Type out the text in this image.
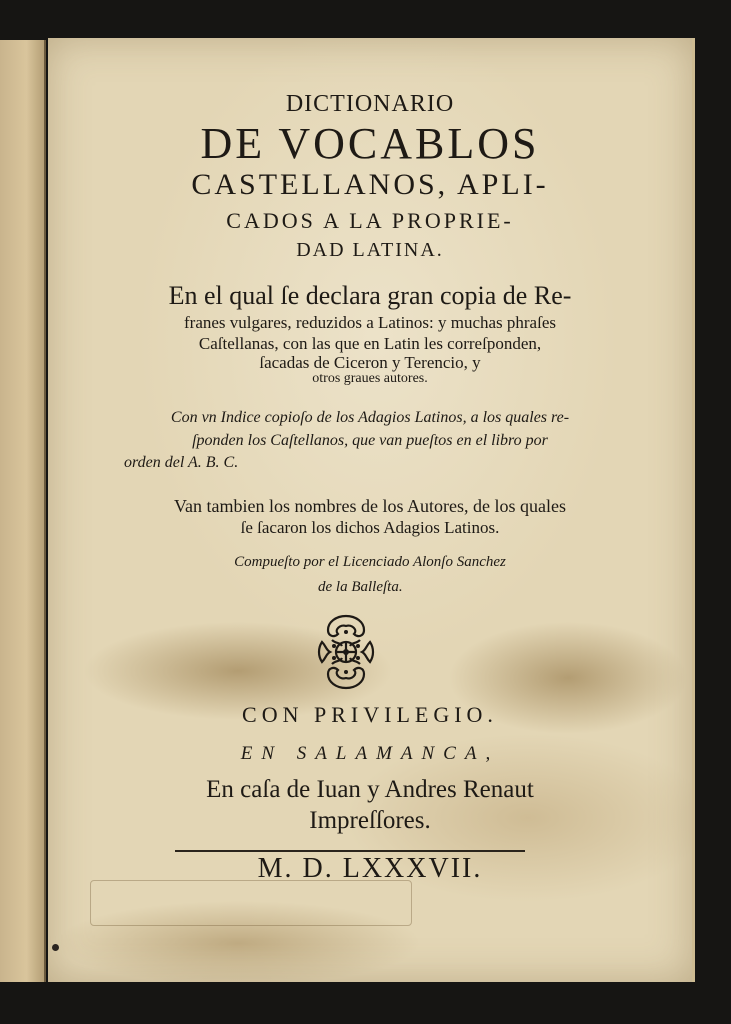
DICTIONARIO

DE VOCABLOS

CASTELLANOS, APLI-

CADOS A LA PROPRIE-

DAD LATINA.

En el qual ſe declara gran copia de Re-

franes vulgares, reduzidos a Latinos: y muchas phraſes

Caſtellanas, con las que en Latin les correſponden,

ſacadas de Ciceron y Terencio, y

otros graues autores.

Con vn Indice copioſo de los Adagios Latinos, a los quales re-

ſponden los Caſtellanos, que van pueſtos en el libro por

orden del A. B. C.

Van tambien los nombres de los Autores, de los quales

ſe ſacaron los dichos Adagios Latinos.

Compueſto por el Licenciado Alonſo Sanchez

de la Balleſta.

CON PRIVILEGIO.

EN SALAMANCA,

En caſa de Iuan y Andres Renaut

Impreſſores.

M. D. LXXXVII.
